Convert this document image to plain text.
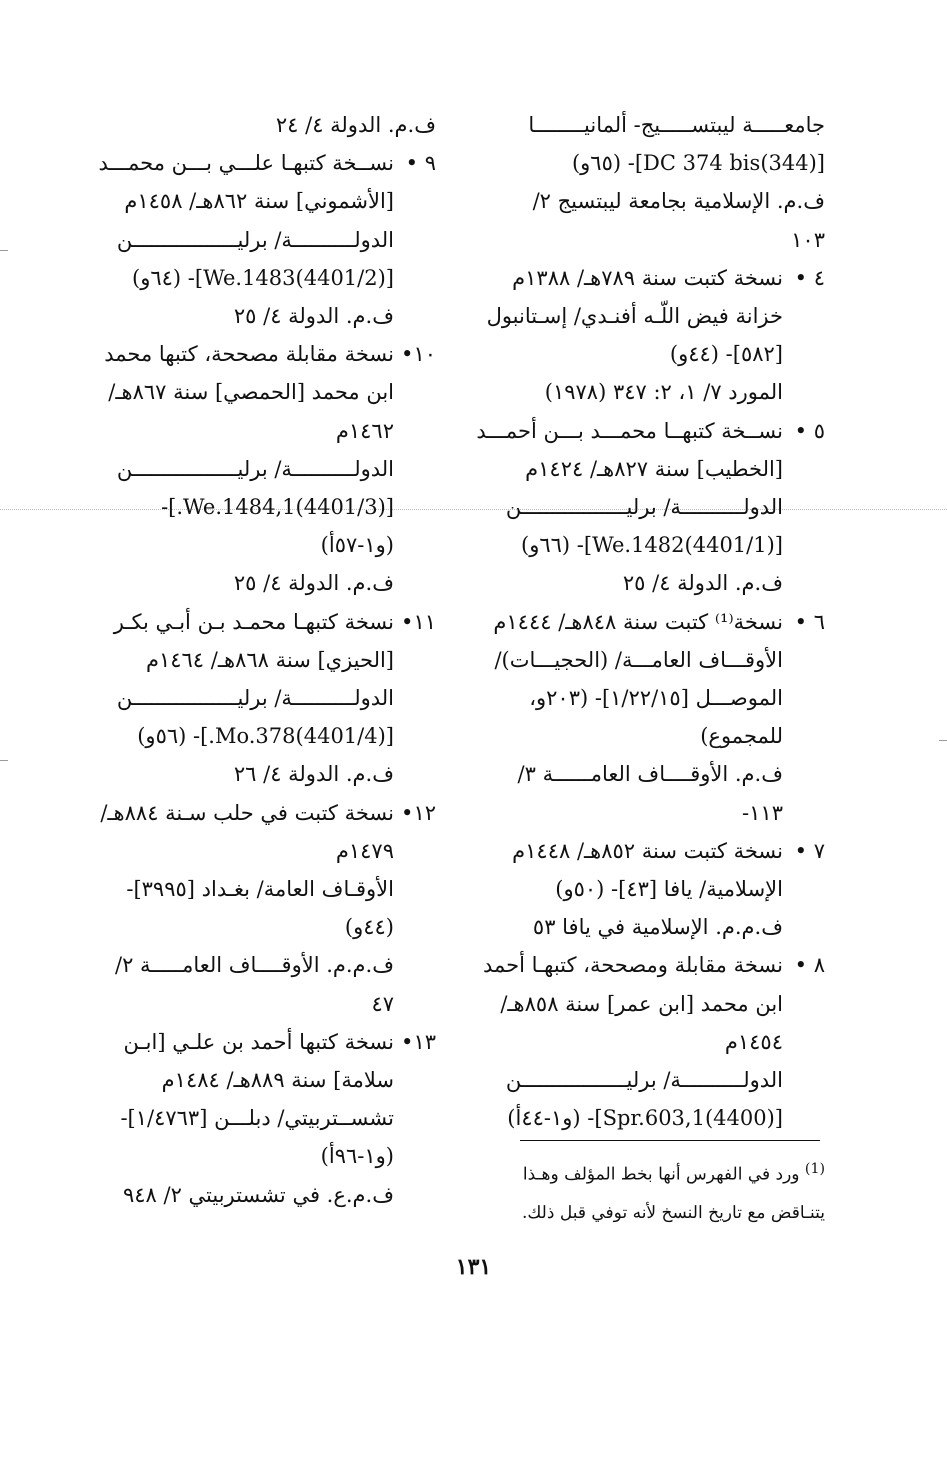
جامعـــــة ليبتســـــيج- ألمانيــــــــا
[(344)DC 374 bis]- (٦٥و)
ف.م. الإسلامية بجامعة ليبتسيج ٢/
١٠٣
٤ •
نسخة كتبت سنة ٧٨٩هـ/ ١٣٨٨م
خزانة فيض اللّـه أفنـدي/ إسـتانبول
[٥٨٢]- (٤٤و)
المورد ٧/ ١، ٢: ٣٤٧ (١٩٧٨)
٥ •
نســخة كتبهــا محمـــد بـــن أحمـــد
[الخطيب] سنة ٨٢٧هـ/ ١٤٢٤م
الدولــــــــــة/ برليـــــــــــــــــن
[(4401/1)We.1482]- (٦٦و)
ف.م. الدولة ٤/ ٢٥
٦ •
نسخة⁽¹⁾ كتبت سنة ٨٤٨هـ/ ١٤٤٤م
الأوقـــاف العامـــة/ (الحجيـــات)/
الموصـــل [١/٢٢/١٥]- (٢٠٣و،
للمجموع)
ف.م. الأوقــــاف العامــــــة ٣/
١١٣-
٧ •
نسخة كتبت سنة ٨٥٢هـ/ ١٤٤٨م
الإسلامية/ يافا [٤٣]- (٥٠و)
ف.م.م. الإسلامية في يافا ٥٣
٨ •
نسخة مقابلة ومصححة، كتبهـا أحمد
ابن محمد [ابن عمر] سنة ٨٥٨هـ/
١٤٥٤م
الدولــــــــــة/ برليـــــــــــــــــن
[(4400)Spr.603,1]- (و١-٤٤أ)
ف.م. الدولة ٤/ ٢٤
٩ •
نســخة كتبهـا علـــي بـــن محمـــد
[الأشموني] سنة ٨٦٢هـ/ ١٤٥٨م
الدولــــــــــة/ برليـــــــــــــــــن
[(4401/2)We.1483]- (٦٤و)
ف.م. الدولة ٤/ ٢٥
١٠•
نسخة مقابلة مصححة، كتبها محمد
ابن محمد [الحمصي] سنة ٨٦٧هـ/
١٤٦٢م
الدولــــــــــة/ برليـــــــــــــــــن
[(4401/3)We.1484,1.]-
(و١-٥٧أ)
ف.م. الدولة ٤/ ٢٥
١١•
نسخة كتبهـا محمـد بـن أبـي بكـر
[الحيزي] سنة ٨٦٨هـ/ ١٤٦٤م
الدولــــــــــة/ برليـــــــــــــــــن
[(4401/4)Mo.378.]- (٥٦و)
ف.م. الدولة ٤/ ٢٦
١٢•
نسخة كتبت في حلب سـنة ٨٨٤هـ/
١٤٧٩م
الأوقـاف العامة/ بغـداد [٣٩٩٥]-
(٤٤و)
ف.م.م. الأوقــــاف العامـــــة ٢/
٤٧
١٣•
نسخة كتبها أحمد بن علـي [ابـن
سلامة] سنة ٨٨٩هـ/ ١٤٨٤م
تشســتربيتي/ دبلـــن [١/٤٧٦٣]-
(و١-٩٦أ)
ف.م.ع. في تشستربيتي ٢/ ٩٤٨
$^{(1)}$ ورد في الفهرس أنها بخط المؤلف وهـذا يتنـاقض مع تاريخ النسخ لأنه توفي قبل ذلك.
١٣١
